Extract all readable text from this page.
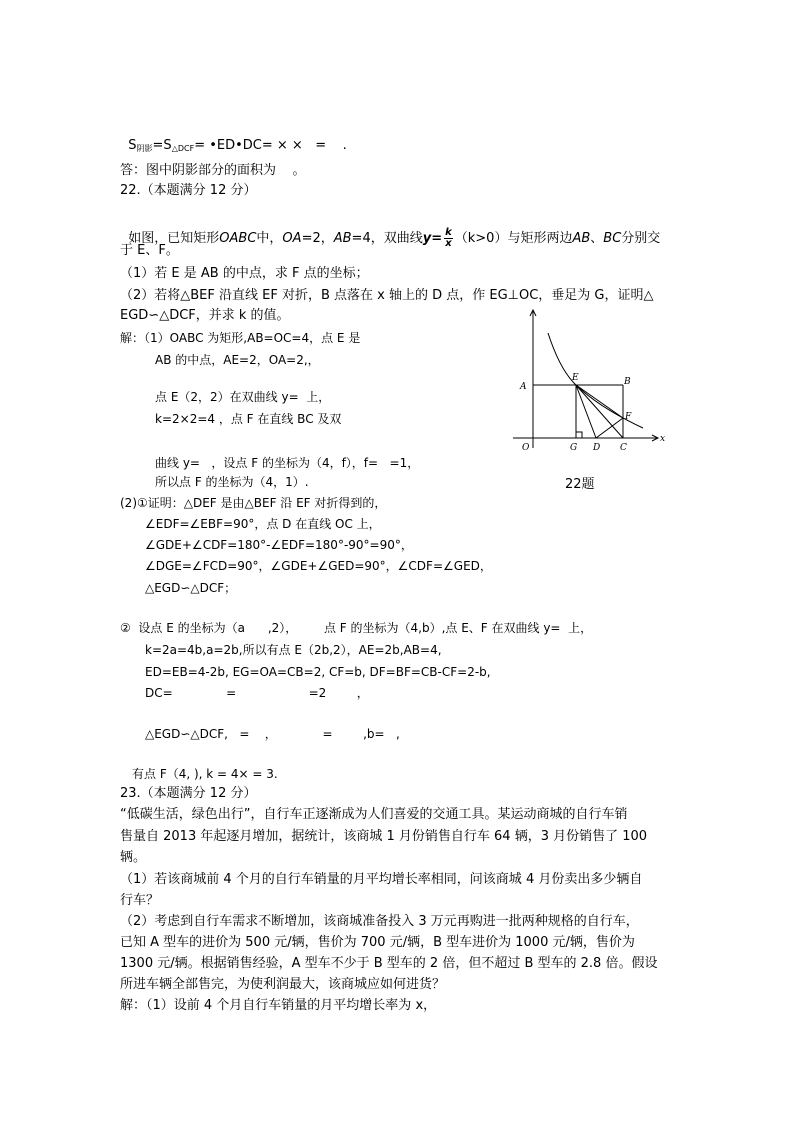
$S_{阴影}=S_{\triangle DCF}=$ •ED•DC= × ×   =    .

答：图中阴影部分的面积为    。
22.（本题满分 12 分）

如图，已知矩形OABC中，OA=2，AB=4，双曲线$y= \frac{k}{x} (k>0)$与矩形两边AB、BC分别交

于 E、F。
（1）若 E 是 AB 的中点，求 F 点的坐标；
（2）若将△BEF 沿直线 EF 对折，B 点落在 x 轴上的 D 点，作 EG⊥OC，垂足为 G，证明△
EGD∽△DCF，并求 k 的值。
解：（1）OABC 为矩形,AB=OC=4，点 E 是
AB 的中点，AE=2，OA=2,，
点 E（2，2）在双曲线 y=  上，
k=2×2=4 ，点 F 在直线 BC 及双
曲线 y=   ，设点 F 的坐标为（4，f），f=   =1，
所以点 F 的坐标为（4，1）.
(2)①证明：△DEF 是由△BEF 沿 EF 对折得到的，
∠EDF=∠EBF=90°，点 D 在直线 OC 上，
∠GDE+∠CDF=180°-∠EDF=180°-90°=90°，
∠DGE=∠FCD=90°，∠GDE+∠GED=90°，∠CDF=∠GED，
△EGD∽△DCF；
②  设点 E 的坐标为（a      ,2），       点 F 的坐标为（4,b）,点 E、F 在双曲线 y=  上，
k=2a=4b,a=2b,所以有点 E（2b,2），AE=2b,AB=4,
ED=EB=4-2b, EG=OA=CB=2, CF=b, DF=BF=CB-CF=2-b,
DC=              =                   =2        ，
△EGD∽△DCF,   =    ，            =        ,b=   ,
有点 F（4, ), k = 4× = 3.
A
E	B
F
O	G D C
x
22题
23.（本题满分 12 分）
“低碳生活，绿色出行”，自行车正逐渐成为人们喜爱的交通工具。某运动商城的自行车销
售量自 2013 年起逐月增加，据统计，该商城 1 月份销售自行车 64 辆，3 月份销售了 100
辆。
（1）若该商城前 4 个月的自行车销量的月平均增长率相同，问该商城 4 月份卖出多少辆自
行车？
（2）考虑到自行车需求不断增加，该商城准备投入 3 万元再购进一批两种规格的自行车，
已知 A 型车的进价为 500 元/辆，售价为 700 元/辆，B 型车进价为 1000 元/辆，售价为
1300 元/辆。根据销售经验，A 型车不少于 B 型车的 2 倍，但不超过 B 型车的 2.8 倍。假设
所进车辆全部售完，为使利润最大，该商城应如何进货？
解：（1）设前 4 个月自行车销量的月平均增长率为 x，
